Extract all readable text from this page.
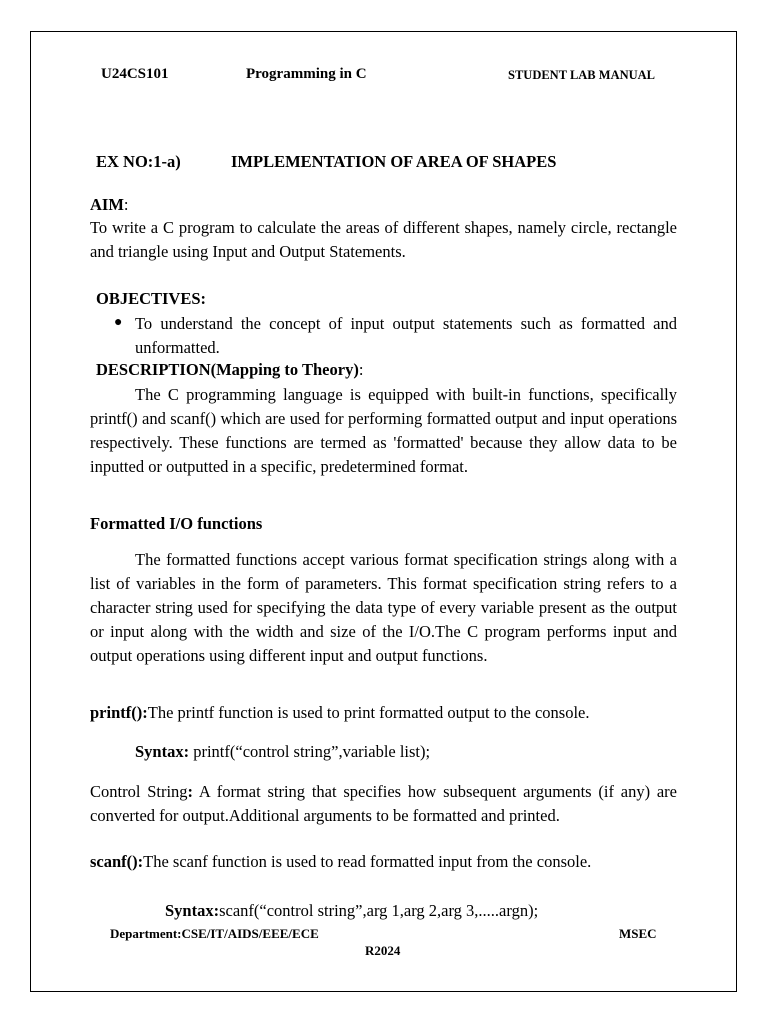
U24CS101	Programming in C	STUDENT LAB MANUAL
EX NO:1-a)	IMPLEMENTATION OF AREA OF SHAPES
AIM:
To write a C program to calculate the areas of different shapes, namely circle, rectangle and triangle using Input and Output Statements.
OBJECTIVES:
● To understand the concept of input output statements such as formatted and unformatted.
DESCRIPTION(Mapping to Theory):
The C programming language is equipped with built-in functions, specifically printf() and scanf() which are used for performing formatted output and input operations respectively. These functions are termed as 'formatted' because they allow data to be inputted or outputted in a specific, predetermined format.
Formatted I/O functions
The formatted functions accept various format specification strings along with a list of variables in the form of parameters. This format specification string refers to a character string used for specifying the data type of every variable present as the output or input along with the width and size of the I/O.The C program performs input and output operations using different input and output functions.
printf():The printf function is used to print formatted output to the console.
Syntax: printf(“control string”,variable list);
Control String: A format string that specifies how subsequent arguments (if any) are converted for output.Additional arguments to be formatted and printed.
scanf():The scanf function is used to read formatted input from the console.
Syntax:scanf(“control string”,arg 1,arg 2,arg 3,.....argn);
Department:CSE/IT/AIDS/EEE/ECE	MSEC
R2024
